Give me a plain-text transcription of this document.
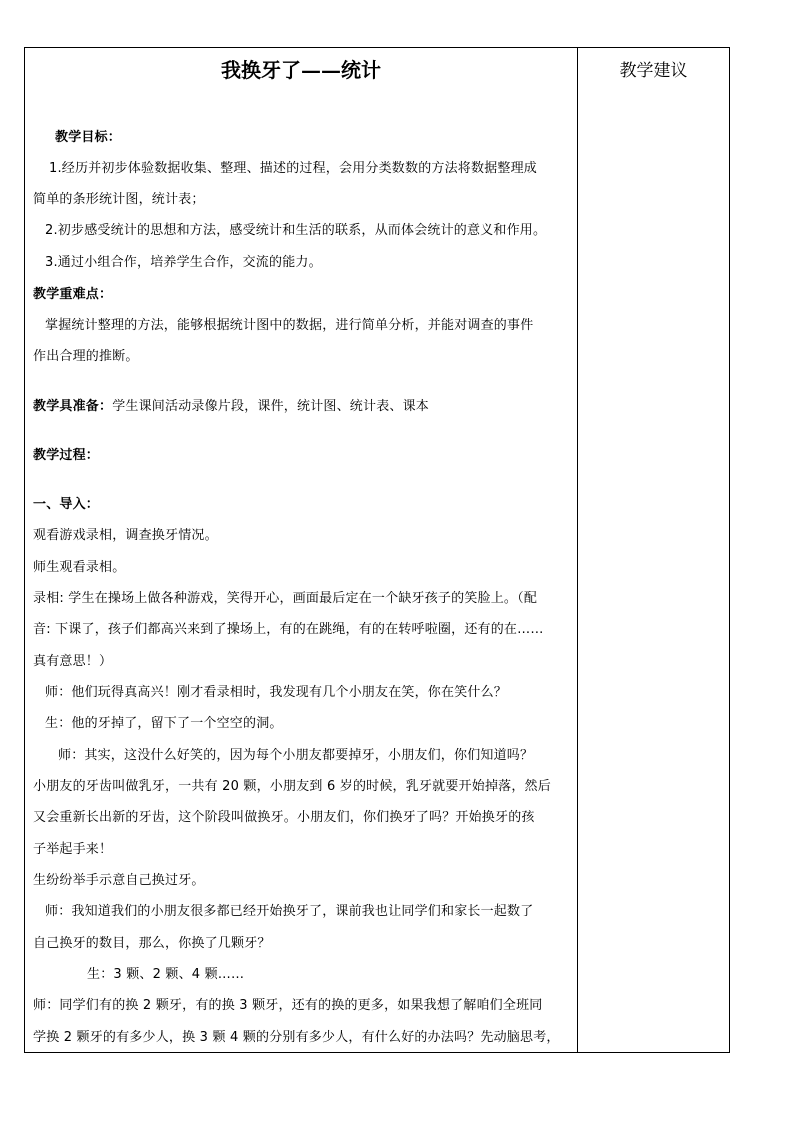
我换牙了——统计
教学目标：
1.经历并初步体验数据收集、整理、描述的过程，会用分类数数的方法将数据整理成
简单的条形统计图，统计表；
2.初步感受统计的思想和方法，感受统计和生活的联系，从而体会统计的意义和作用。
3.通过小组合作，培养学生合作，交流的能力。
教学重难点：
掌握统计整理的方法，能够根据统计图中的数据，进行简单分析，并能对调查的事件
作出合理的推断。
教学具准备：学生课间活动录像片段，课件，统计图、统计表、课本
教学过程：
一、导入：
观看游戏录相，调查换牙情况。
师生观看录相。
录相: 学生在操场上做各种游戏，笑得开心，画面最后定在一个缺牙孩子的笑脸上。（配
音: 下课了，孩子们都高兴来到了操场上，有的在跳绳，有的在转呼啦圈，还有的在……
真有意思！）
师：他们玩得真高兴！刚才看录相时，我发现有几个小朋友在笑，你在笑什么？
生：他的牙掉了，留下了一个空空的洞。
师：其实，这没什么好笑的，因为每个小朋友都要掉牙，小朋友们，你们知道吗？
小朋友的牙齿叫做乳牙，一共有 20 颗，小朋友到 6 岁的时候，乳牙就要开始掉落，然后
又会重新长出新的牙齿，这个阶段叫做换牙。小朋友们，你们换牙了吗？开始换牙的孩
子举起手来！
生纷纷举手示意自己换过牙。
师：我知道我们的小朋友很多都已经开始换牙了，课前我也让同学们和家长一起数了
自己换牙的数目，那么，你换了几颗牙？
生：3 颗、2 颗、4 颗……
师：同学们有的换 2 颗牙，有的换 3 颗牙，还有的换的更多，如果我想了解咱们全班同
学换 2 颗牙的有多少人，换 3 颗 4 颗的分别有多少人，有什么好的办法吗？先动脑思考，
教学建议
